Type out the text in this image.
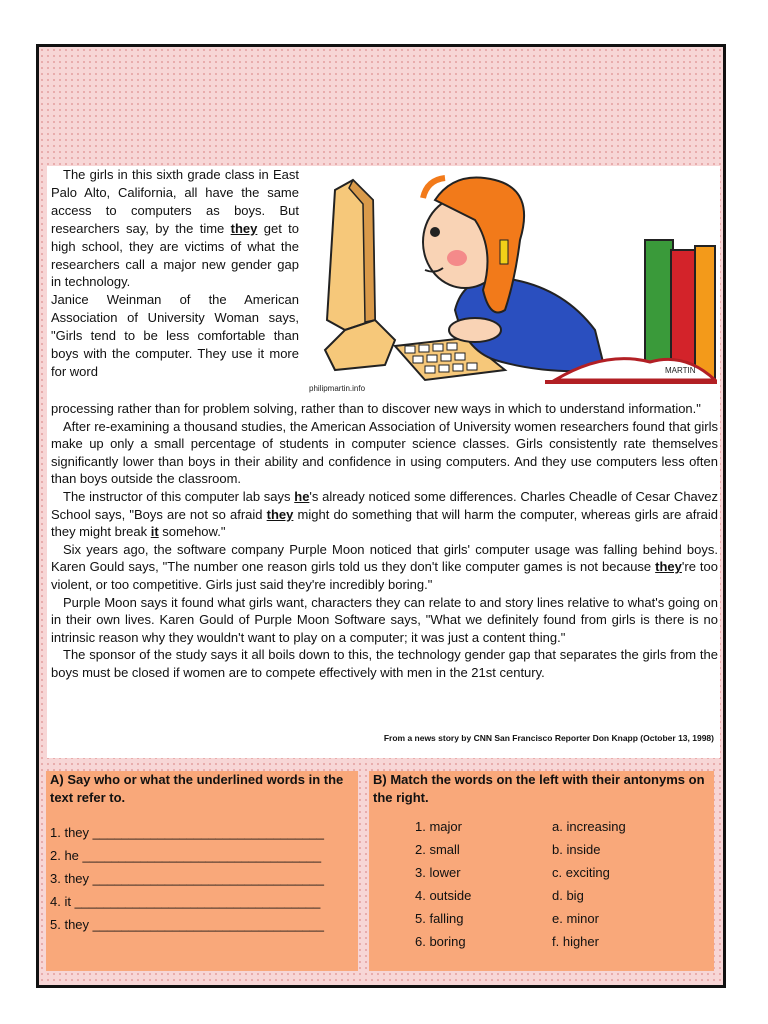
The girls in this sixth grade class in East Palo Alto, California, all have the same access to computers as boys. But researchers say, by the time they get to high school, they are victims of what the researchers call a major new gender gap in technology.

Janice Weinman of the American Association of University Woman says, "Girls tend to be less comfortable than boys with the computer. They use it more for word	MARTIN
philipmartin.info

processing rather than for problem solving, rather than to discover new ways in which to understand information."

After re-examining a thousand studies, the American Association of University women researchers found that girls make up only a small percentage of students in computer science classes. Girls consistently rate themselves significantly lower than boys in their ability and confidence in using computers. And they use computers less often than boys outside the classroom.

The instructor of this computer lab says he's already noticed some differences. Charles Cheadle of Cesar Chavez School says, "Boys are not so afraid they might do something that will harm the computer, whereas girls are afraid they might break it somehow."

Six years ago, the software company Purple Moon noticed that girls' computer usage was falling behind boys. Karen Gould says, "The number one reason girls told us they don't like computer games is not because they're too violent, or too competitive. Girls just said they're incredibly boring."

Purple Moon says it found what girls want, characters they can relate to and story lines relative to what's going on in their own lives. Karen Gould of Purple Moon Software says, "What we definitely found from girls is there is no intrinsic reason why they wouldn't want to play on a computer; it was just a content thing."

The sponsor of the study says it all boils down to this, the technology gender gap that separates the girls from the boys must be closed if women are to compete effectively with men in the 21st century.

From a news story by CNN San Francisco Reporter Don Knapp (October 13, 1998)
A) Say who or what the underlined words in the text refer to.
1. they ________________________________
2. he _________________________________
3. they ________________________________
4. it __________________________________
5. they ________________________________
B) Match the words on the left with their antonyms on the right.
1. major
2. small
3. lower
4. outside
5. falling
6. boring
a. increasing
b. inside
c. exciting
d. big
e. minor
f. higher
